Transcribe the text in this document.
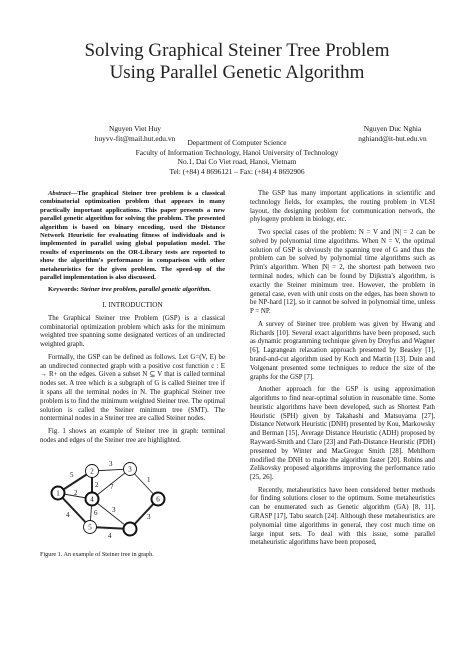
Solving Graphical Steiner Tree Problem
Using Parallel Genetic Algorithm
Nguyen Viet Huy
huyvv-fit@mail.hut.edu.vn
Nguyen Duc Nghia
nghiand@it-hut.edu.vn
Department of Computer Science
Faculty of Information Technology, Hanoi University of Technology
No.1, Dai Co Viet road, Hanoi, Vietnam
Tel: (+84) 4 8696121 – Fax: (+84) 4 8692906

Abstract—The graphical Steiner tree problem is a classical combinatorial optimization problem that appears in many practically important applications. This paper presents a new parallel genetic algorithm for solving the problem. The presented algorithm is based on binary encoding, used the Distance Network Heuristic for evaluating fitness of individuals and is implemented in parallel using global population model. The results of experiments on the OR-Library tests are reported to show the algorithm's performance in comparison with other metaheuristics for the given problem. The speed-up of the parallel implementation is also discussed.

Keywords: Steiner tree problem, parallel genetic algorithm.

I. INTRODUCTION

The Graphical Steiner tree Problem (GSP) is a classical combinatorial optimization problem which asks for the minimum weighted tree spanning some designated vertices of an undirected weighted graph.

Formally, the GSP can be defined as follows. Let G=(V, E) be an undirected connected graph with a positive cost function c : E → R+ on the edges. Given a subset N ⊆ V that is called terminal nodes set. A tree which is a subgraph of G is called Steiner tree if it spans all the terminal nodes in N. The graphical Steiner tree problem is to find the minimum weighted Steiner tree. The optimal solution is called the Steiner minimum tree (SMT). The nonterminal nodes in a Steiner tree are called Steiner nodes.

Fig. 1 shows an example of Steiner tree in graph: terminal nodes and edges of the Steiner tree are highlighted.

5
2
4
3
2 7
6 3
1
3
4
1
2	3
4
5
6

Figure 1. An example of Steiner tree in graph.

The GSP has many important applications in scientific and technology fields, for examples, the routing problem in VLSI layout, the designing problem for communication network, the phylogeny problem in biology, etc.

Two special cases of the problem: N = V and |N| = 2 can be solved by polynomial time algorithms. When N = V, the optimal solution of GSP is obviously the spanning tree of G and thus the problem can be solved by polynomial time algorithms such as Prim's algorithm. When |N| = 2, the shortest path between two terminal nodes, which can be found by Dijkstra's algorithm, is exactly the Steiner minimum tree. However, the problem in general case, even with unit costs on the edges, has been shown to be NP-hard [12], so it cannot be solved in polynomial time, unless P = NP.

A survey of Steiner tree problem was given by Hwang and Richards [10]. Several exact algorithms have been proposed, such as dynamic programming technique given by Dreyfus and Wagner [6], Lagrangean relaxation approach presented by Beasley [1], brand-and-cut algorithm used by Koch and Martin [13]. Duin and Volgenant presented some techniques to reduce the size of the graphs for the GSP [7].

Another approach for the GSP is using approximation algorithms to find near-optimal solution in reasonable time. Some heuristic algorithms have been developed, such as Shortest Path Heuristic (SPH) given by Takahashi and Matsuyama [27], Distance Network Heuristic (DNH) presented by Kou, Markowsky and Berman [15], Average Distance Heuristic (ADH) proposed by Rayward-Smith and Clare [23] and Path-Distance Heuristic (PDH) presented by Winter and MacGregor Smith [28]. Mehlhorn modified the DNH to make the algorithm faster [20]. Robins and Zelikovsky proposed algorithms improving the performance ratio [25, 26].

Recently, metaheuristics have been considered better methods for finding solutions closer to the optimum. Some metaheuristics can be enumerated such as Genetic algorithm (GA) [8, 11], GRASP [17], Tabu search [24]. Although these metaheuristics are polynomial time algorithms in general, they cost much time on large input sets. To deal with this issue, some parallel metaheuristic algorithms have been proposed,
